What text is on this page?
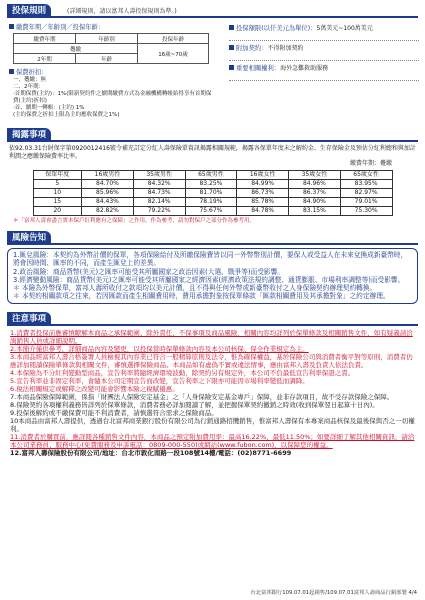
投保規則	(詳細規則，請以富邦人壽投保規則為準。)
繳費年期／年齡別／投保年齡：
繳費年期	年齡別	投保年齡
躉繳		16歲~70歲
2年期	年齡	
保費折扣：
一、躉繳：無
二、2年期：
‧首期保費(主約)：1%(限新契約件之續期繳費方式為金融機構轉帳始得享有首期保費(主約)折扣)
‧首、續期一轉帳：(主約) 1%
(主約保費之折扣上限為主約應收保費之1%)
投保額限(以仟美元為單位)：5萬美元~100萬美元
附加契約：不得附加契約
重要相關權利：海外急難救助服務
揭露事項
依92.03.31台財保字第0920012416號令補充訂定分紅人壽保險單資訊揭露相關規範，揭露各保單年度末之解約金、生存保險金及預估分紅利總和與加計利潤之應繳保險費率比率。
繳費年期：躉繳
保單年度	16歲男性	35歲男性	65歲男性	16歲女性	35歲女性	65歲女性
5	84.70%	84.32%	83.25%	84.99%	84.96%	83.95%
10	85.96%	84.73%	81.70%	86.73%	86.37%	82.97%
15	84.43%	82.14%	78.19%	85.78%	84.90%	79.01%
20	82.82%	79.22%	75.67%	84.78%	83.15%	75.30%
＊「富邦人壽會盡言實本保戶紅利應有之保障」之作用，作為參考，請勿對保戶之部分作為參考用。
風險告知

1.匯兌風險：本契約為外幣計價的保單，各項保險給付及所繳保險費皆以同一外幣幣別計價，要保人或受益人在未來兌換成新臺幣時，將會因時間、匯率的不同，而產生匯兌上的差異。

2.政治風險：商品貨幣(美元)之匯率可能受其所屬國家之政治因素(大選、戰爭等)而受影響。

3.經濟變動風險：商品貨幣(美元)之匯率可能受其所屬國家之經濟因素(經濟政策法規的調整、通貨膨脹、市場利率調整等)而受影響。

＊ 本險為外幣保單，富邦人壽所收付之款項均以美元計價，且不得與任何外幣或新臺幣收付之人身保險契約辦理契約轉換。

＊ 本契約相關款項之往來，若因匯款而產生相關費用時，費用承擔對象按保單條款「匯款相關費用及其承擔對象」之約定辦理。

注意事項

1.消費者投保前應審慎瞭解本商品之承保範圍、除外責任、不保事項及商品風險，相關內容均詳列於保單條款及相關銷售文件，如有疑義請洽詢銷售人員或詳細說明。

2.本簡介僅供參考，詳細商品內容及變更，以投保當時保單條款內容及本公司核保、保全作業規定為主。

3.本商品經富邦人壽合格簽署人員檢視其內容業已符合一般精算原則及法令，惟為確保權益，基於保險公司與消費者衡平對等原則，消費者仍應詳加閱讀保險單條款與相關文件，審慎選擇保險商品。本商品如有虛偽不實或違法情事，應由富邦人壽及負責人依法負責。

4.本保險為不分紅利變動型商品，宣告利率將隨經濟環境波動，除契約另有規定外，本公司不負最低宣告利率保證之責。

5.宣告利率並非固定利率，會隨本公司定期宣告而改變，宣告利率之下限亦可能因市場利率變低而調降。

6.稅法相關規定或解釋之改變可能會影響本險之稅賦優惠。

7.本商品保險保障範圍，係指「財團法人保險安定基金」之「人身保險安定基金專戶」保障，並非存款項目，故不受存款保險之保障。

8.保險契約各項權利義務皆詳列於保單條款，消費者務必詳加閱讀了解，並把握保單契約撤銷之時效(收到保單翌日起算十日內)。

9.投保後解約或不繳保費可能不利消費者，請慎選符合需求之保險商品。

10本商品由富邦人壽提供，透過台北富邦商業銀行股份有限公司為行銷通路招攬銷售，惟富邦人壽保有本專案商品核保及最後保與否之一切權利。

11.消費者於購買前，應詳閱各種銷售文件內容，本商品之預定附加費用率：最高16.22%、最低11.50%；如要詳細了解其他相關資訊，請洽本公司業務員、服務中心(免費服務及申訴電話：0809-000-550)或網站(www.fubon.com)，以保障您的權益。

12.富邦人壽保險股份有限公司/地址：台北市敦化南路一段108號14樓/電話：(02)8771-6699

台北富邦銀行109.07.01起銷售/109.07.01富邦人壽商品行銷部製 4/4
